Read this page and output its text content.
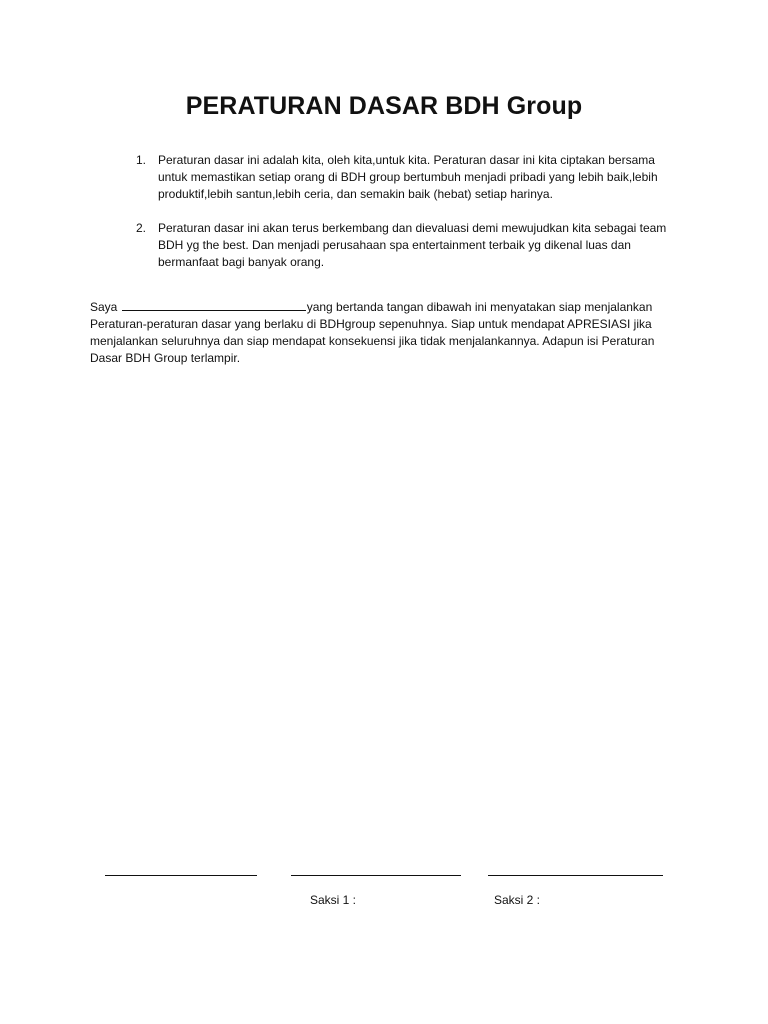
PERATURAN DASAR BDH Group
1. Peraturan dasar ini adalah kita, oleh kita,untuk kita. Peraturan dasar ini kita ciptakan bersama untuk memastikan setiap orang di BDH group bertumbuh menjadi pribadi yang lebih baik,lebih produktif,lebih santun,lebih ceria, dan semakin baik (hebat) setiap harinya.
2. Peraturan dasar ini akan terus berkembang dan dievaluasi demi mewujudkan kita sebagai team BDH yg the best. Dan menjadi perusahaan spa entertainment terbaik yg dikenal luas dan bermanfaat bagi banyak orang.

Saya	yang bertanda tangan dibawah ini menyatakan siap menjalankan Peraturan-peraturan dasar yang berlaku di BDHgroup sepenuhnya. Siap untuk mendapat APRESIASI jika menjalankan seluruhnya dan siap mendapat konsekuensi jika tidak menjalankannya. Adapun isi Peraturan Dasar BDH Group terlampir.

Saksi 1 :	Saksi 2 :
